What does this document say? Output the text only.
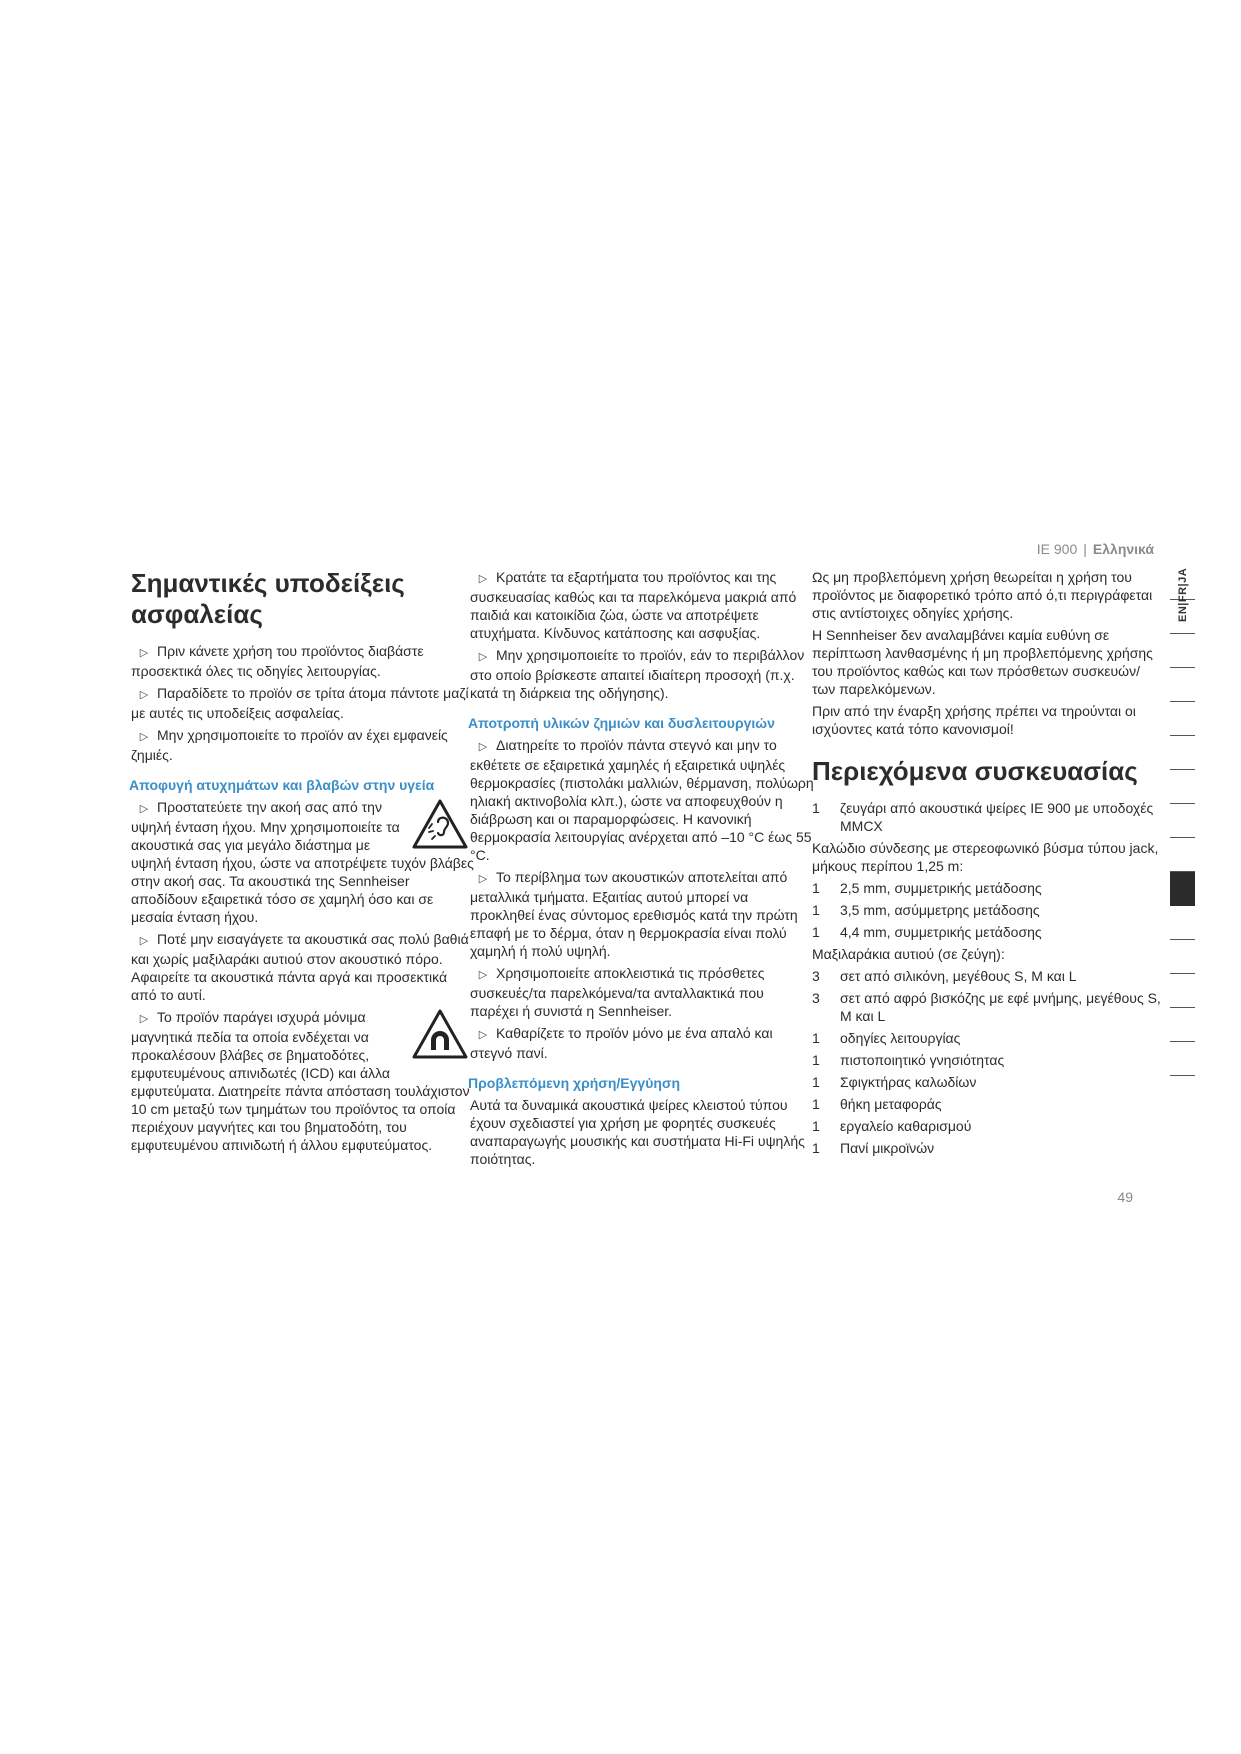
IE 900 | Ελληνικά
Σημαντικές υποδείξεις ασφαλείας

▷ Πριν κάνετε χρήση του προϊόντος διαβάστε προσεκτικά όλες τις οδηγίες λειτουργίας.

▷ Παραδίδετε το προϊόν σε τρίτα άτομα πάντοτε μαζί με αυτές τις υποδείξεις ασφαλείας.

▷ Μην χρησιμοποιείτε το προϊόν αν έχει εμφανείς ζημιές.

Αποφυγή ατυχημάτων και βλαβών στην υγεία

▷ Προστατεύετε την ακοή σας από την υψηλή ένταση ήχου. Μην χρησιμοποιείτε τα ακουστικά σας για μεγάλο διάστημα με υψηλή ένταση ήχου, ώστε να αποτρέψετε τυχόν βλάβες στην ακοή σας. Τα ακουστικά της Sennheiser αποδίδουν εξαιρετικά τόσο σε χαμηλή όσο και σε μεσαία ένταση ήχου.

▷ Ποτέ μην εισαγάγετε τα ακουστικά σας πολύ βαθιά και χωρίς μαξιλαράκι αυτιού στον ακουστικό πόρο. Αφαιρείτε τα ακουστικά πάντα αργά και προσεκτικά από το αυτί.

▷ Το προϊόν παράγει ισχυρά μόνιμα μαγνητικά πεδία τα οποία ενδέχεται να προκαλέσουν βλάβες σε βηματοδότες, εμφυτευμένους απινιδωτές (ICD) και άλλα εμφυτεύματα. Διατηρείτε πάντα απόσταση τουλάχιστον 10 cm μεταξύ των τμημάτων του προϊόντος τα οποία περιέχουν μαγνήτες και του βηματοδότη, του εμφυτευμένου απινιδωτή ή άλλου εμφυτεύματος.

▷ Κρατάτε τα εξαρτήματα του προϊόντος και της συσκευασίας καθώς και τα παρελκόμενα μακριά από παιδιά και κατοικίδια ζώα, ώστε να αποτρέψετε ατυχήματα. Κίνδυνος κατάποσης και ασφυξίας.

▷ Μην χρησιμοποιείτε το προϊόν, εάν το περιβάλλον στο οποίο βρίσκεστε απαιτεί ιδιαίτερη προσοχή (π.χ. κατά τη διάρκεια της οδήγησης).

Αποτροπή υλικών ζημιών και δυσλειτουργιών

▷ Διατηρείτε το προϊόν πάντα στεγνό και μην το εκθέτετε σε εξαιρετικά χαμηλές ή εξαιρετικά υψηλές θερμοκρασίες (πιστολάκι μαλλιών, θέρμανση, πολύωρη ηλιακή ακτινοβολία κλπ.), ώστε να αποφευχθούν η διάβρωση και οι παραμορφώσεις. Η κανονική θερμοκρασία λειτουργίας ανέρχεται από –10 °C έως 55 °C.

▷ Το περίβλημα των ακουστικών αποτελείται από μεταλλικά τμήματα. Εξαιτίας αυτού μπορεί να προκληθεί ένας σύντομος ερεθισμός κατά την πρώτη επαφή με το δέρμα, όταν η θερμοκρασία είναι πολύ χαμηλή ή πολύ υψηλή.

▷ Χρησιμοποιείτε αποκλειστικά τις πρόσθετες συσκευές/τα παρελκόμενα/τα ανταλλακτικά που παρέχει ή συνιστά η Sennheiser.

▷ Καθαρίζετε το προϊόν μόνο με ένα απαλό και στεγνό πανί.

Προβλεπόμενη χρήση/Εγγύηση

Αυτά τα δυναμικά ακουστικά ψείρες κλειστού τύπου έχουν σχεδιαστεί για χρήση με φορητές συσκευές αναπαραγωγής μουσικής και συστήματα Hi-Fi υψηλής ποιότητας.

Ως μη προβλεπόμενη χρήση θεωρείται η χρήση του προϊόντος με διαφορετικό τρόπο από ό,τι περιγράφεται στις αντίστοιχες οδηγίες χρήσης.

Η Sennheiser δεν αναλαμβάνει καμία ευθύνη σε περίπτωση λανθασμένης ή μη προβλεπόμενης χρήσης του προϊόντος καθώς και των πρόσθετων συσκευών/των παρελκόμενων.

Πριν από την έναρξη χρήσης πρέπει να τηρούνται οι ισχύοντες κατά τόπο κανονισμοί!

Περιεχόμενα συσκευασίας
1	ζευγάρι από ακουστικά ψείρες IE 900 με υποδοχές MMCX

Καλώδιο σύνδεσης με στερεοφωνικό βύσμα τύπου jack, μήκους περίπου 1,25 m:

1	2,5 mm, συμμετρικής μετάδοσης
1	3,5 mm, ασύμμετρης μετάδοσης
1	4,4 mm, συμμετρικής μετάδοσης

Μαξιλαράκια αυτιού (σε ζεύγη):

3	σετ από σιλικόνη, μεγέθους S, M και L
3	σετ από αφρό βισκόζης με εφέ μνήμης, μεγέθους S, M και L
1	οδηγίες λειτουργίας
1	πιστοποιητικό γνησιότητας
1	Σφιγκτήρας καλωδίων
1	θήκη μεταφοράς
1	εργαλείο καθαρισμού
1	Πανί μικροϊνών
EN|FR|JA
49
